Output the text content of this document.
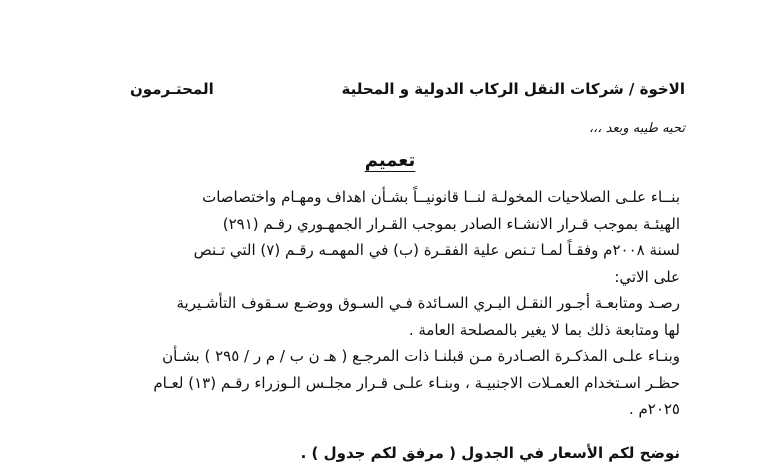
الاخوة / شركات النقل الركاب الدولية و المحلية
المحتـرمون
تحيه طيبه وبعد ،،،
تعميم
بنــاء علـى الصلاحيات المخولـة لنــا قانونيــاً بشـأن اهداف ومهـام واختصاصات
الهيئـة بموجب قـرار الانشـاء الصادر بموجب القـرار الجمهـوري رقـم (٢٩١)
لسنة ٢٠٠٨م وفقـاً لمـا تـنص علية الفقـرة (ب) في المهمـه رقـم (٧) التي تـنص
على الاتي:
رصـد ومتابعـة أجـور النقـل البـري السـائدة فـي السـوق ووضـع سـقوف التأشـيرية
لها ومتابعة ذلك بما لا يغير بالمصلحة العامة .
وبنـاء علـى المذكـرة الصـادرة مـن قبلنـا ذات المرجـع ( هـ ن ب / م ر / ٢٩٥ ) بشـأن
حظـر اسـتخدام العمـلات الاجنبيـة ، وبنـاء علـى قـرار مجلـس الـوزراء رقـم (١٣) لعـام
٢٠٢٥م .
نوضح لكم الأسعار في الجدول ( مرفق لكم جدول ) .
